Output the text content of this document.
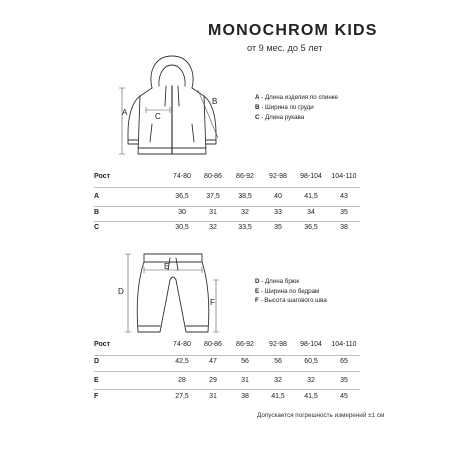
MONOCHROM KIDS
от 9 мес. до 5 лет
A	C
B	A - Длина изделия по спинке
B - Ширина по груди
C - Длина рукава
Рост	74-80	80-86	86-92	92-98	98-104	104-110
A	36,5	37,5	38,5	40	41,5	43
B	30	31	32	33	34	35
C	30,5	32	33,5	35	36,5	38
D
E
F
D - Длина брюк
E - Ширина по бедрам
F - Высота шагового шва
Рост	74-80	80-86	86-92	92-98	98-104	104-110
D	42,5	47	56	56	60,5	65
E	28	29	31	32	32	35
F	27,5	31	38	41,5	41,5	45
Допускается погрешность измерений ±1 см
